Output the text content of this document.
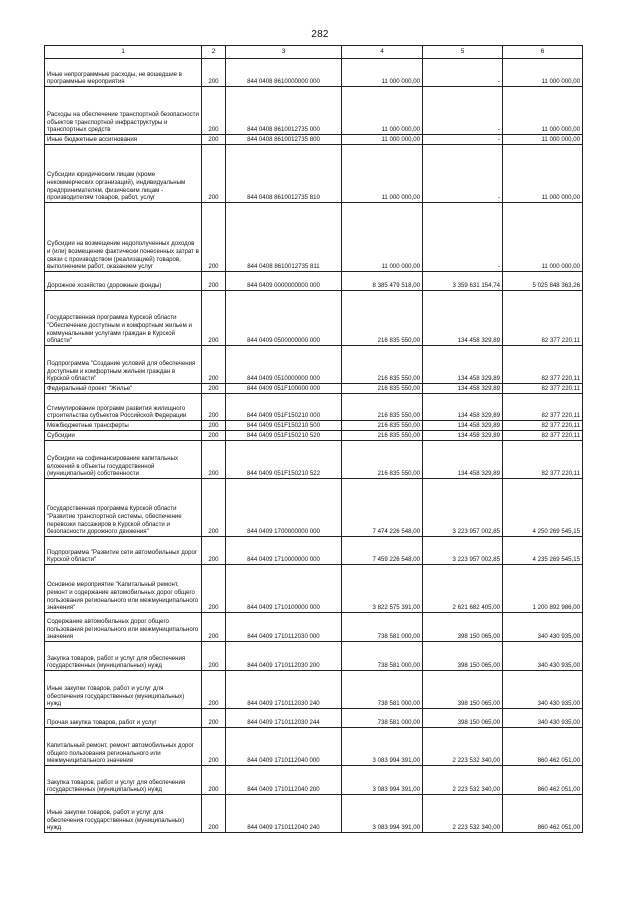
282
1	2	3	4	5	6
Иные непрограммные расходы, не вошедшие в программные мероприятия	200	844 0408 8610000000 000	11 000 000,00	-	11 000 000,00
Расходы на обеспечение транспортной безопасности объектов транспортной инфраструктуры и транспортных средств	200	844 0408 8610012735 000	11 000 000,00	-	11 000 000,00
Иные бюджетные ассигнования	200	844 0408 8610012735 800	11 000 000,00	-	11 000 000,00
Субсидии юридическим лицам (кроме некоммерческих организаций), индивидуальным предпринимателям, физическим лицам - производителям товаров, работ, услуг	200	844 0408 8610012735 810	11 000 000,00	-	11 000 000,00
Субсидии на возмещение недополученных доходов и (или) возмещение фактически понесенных затрат в связи с производством (реализацией) товаров, выполнением работ, оказанием услуг	200	844 0408 8610012735 811	11 000 000,00	-	11 000 000,00
Дорожное хозяйство (дорожные фонды)	200	844 0409 0000000000 000	8 385 479 518,00	3 359 631 154,74	5 025 848 363,26
Государственная программа Курской области "Обеспечение доступным и комфортным жильем и коммунальными услугами граждан в Курской области"	200	844 0409 0500000000 000	216 835 550,00	134 458 329,89	82 377 220,11
Подпрограмма "Создание условий для обеспечения доступным и комфортным жильем граждан в Курской области"	200	844 0409 0510000000 000	216 835 550,00	134 458 329,89	82 377 220,11
Федеральный проект "Жилье"	200	844 0409 051F100000 000	216 835 550,00	134 458 329,89	82 377 220,11
Стимулирование программ развития жилищного строительства субъектов Российской Федерации	200	844 0409 051F150210 000	216 835 550,00	134 458 329,89	82 377 220,11
Межбюджетные трансферты	200	844 0409 051F150210 500	216 835 550,00	134 458 329,89	82 377 220,11
Субсидии	200	844 0409 051F150210 520	216 835 550,00	134 458 329,89	82 377 220,11
Субсидии на софинансирование капитальных вложений в объекты государственной (муниципальной) собственности	200	844 0409 051F150210 522	216 835 550,00	134 458 329,89	82 377 220,11
Государственная программа Курской области "Развитие транспортной системы, обеспечение перевозки пассажиров в Курской области и безопасности дорожного движения"	200	844 0409 1700000000 000	7 474 226 548,00	3 223 957 002,85	4 250 269 545,15
Подпрограмма "Развитие сети автомобильных дорог Курской области"	200	844 0409 1710000000 000	7 459 226 548,00	3 223 957 002,85	4 235 269 545,15
Основное мероприятие "Капитальный ремонт, ремонт и содержание автомобильных дорог общего пользования регионального или межмуниципального значения"	200	844 0409 1710100000 000	3 822 575 391,00	2 621 682 405,00	1 200 892 986,00
Содержание автомобильных дорог общего пользования регионального или межмуниципального значения	200	844 0409 1710112030 000	738 581 000,00	398 150 065,00	340 430 935,00
Закупка товаров, работ и услуг для обеспечения государственных (муниципальных) нужд	200	844 0409 1710112030 200	738 581 000,00	398 150 065,00	340 430 935,00
Иные закупки товаров, работ и услуг для обеспечения государственных (муниципальных) нужд	200	844 0409 1710112030 240	738 581 000,00	398 150 065,00	340 430 935,00
Прочая закупка товаров, работ и услуг	200	844 0409 1710112030 244	738 581 000,00	398 150 065,00	340 430 935,00
Капитальный ремонт, ремонт автомобильных дорог общего пользования регионального или межмуниципального значения	200	844 0409 1710112040 000	3 083 994 391,00	2 223 532 340,00	860 462 051,00
Закупка товаров, работ и услуг для обеспечения государственных (муниципальных) нужд	200	844 0409 1710112040 200	3 083 994 391,00	2 223 532 340,00	860 462 051,00
Иные закупки товаров, работ и услуг для обеспечения государственных (муниципальных) нужд	200	844 0409 1710112040 240	3 083 994 391,00	2 223 532 340,00	860 462 051,00
